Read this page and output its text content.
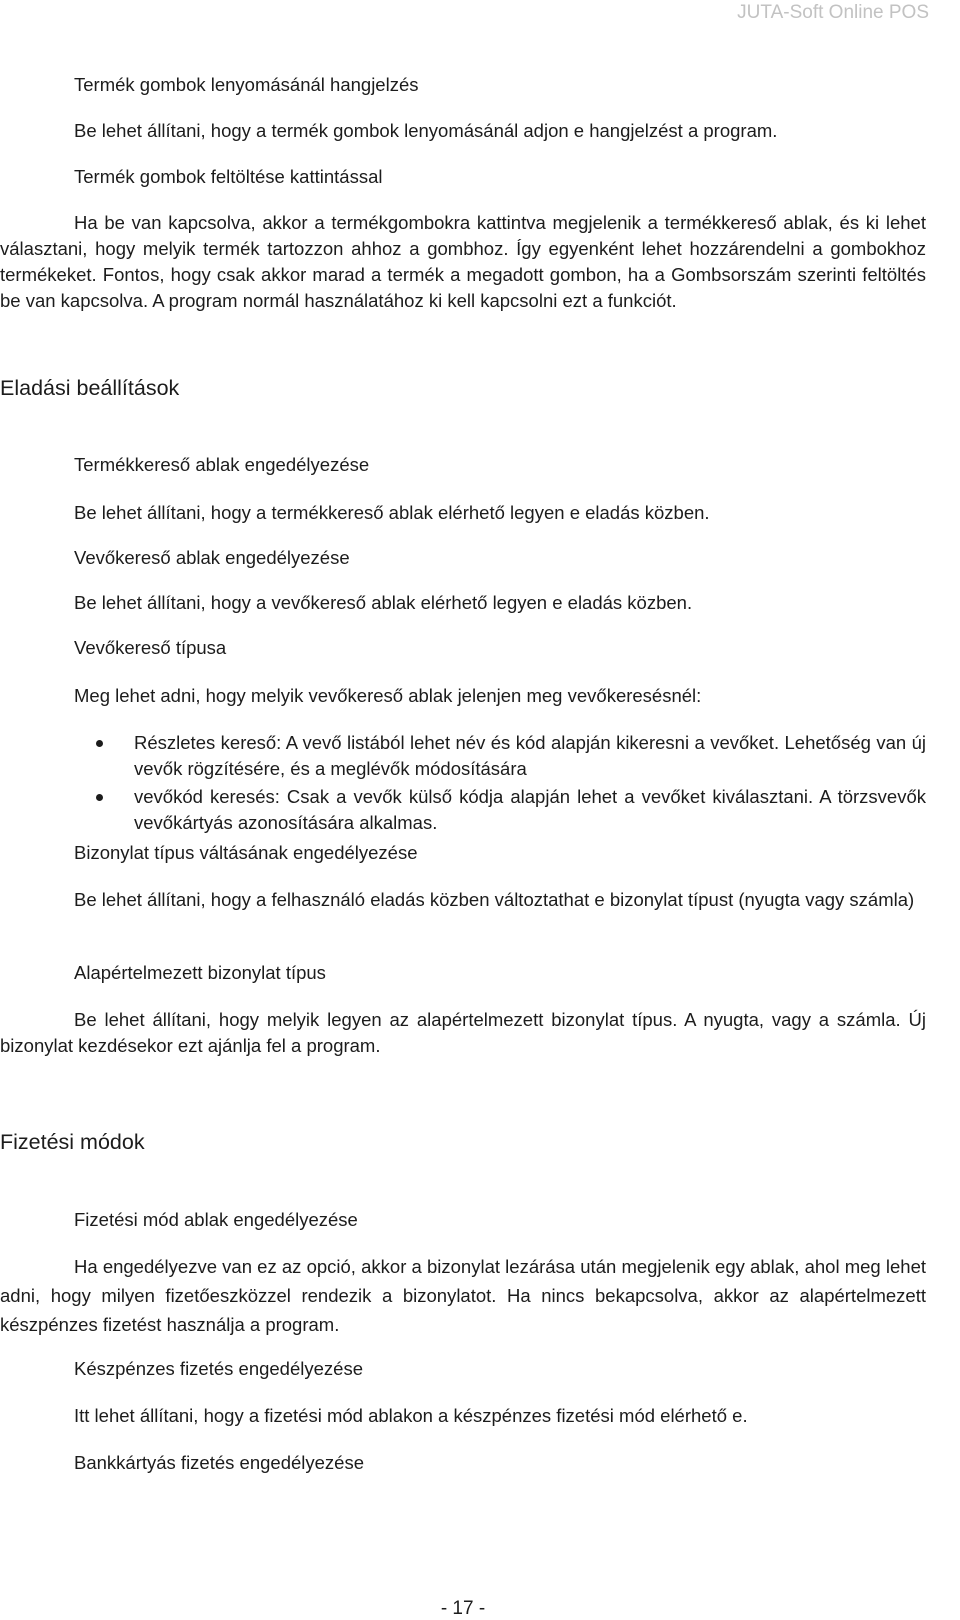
JUTA-Soft Online POS
Termék gombok lenyomásánál hangjelzés
Be lehet állítani, hogy a termék gombok lenyomásánál adjon e hangjelzést a program.
Termék gombok feltöltése kattintással
Ha be van kapcsolva, akkor a termékgombokra kattintva megjelenik a termékkereső ablak, és ki lehet választani, hogy melyik termék tartozzon ahhoz a gombhoz. Így egyenként lehet hozzárendelni a gombokhoz termékeket. Fontos, hogy csak akkor marad a termék a megadott gombon, ha a Gombsorszám szerinti feltöltés be van kapcsolva. A program normál használatához ki kell kapcsolni ezt a funkciót.
Eladási beállítások
Termékkereső ablak engedélyezése
Be lehet állítani, hogy a termékkereső ablak elérhető legyen e eladás közben.
Vevőkereső ablak engedélyezése
Be lehet állítani, hogy a vevőkereső ablak elérhető legyen e eladás közben.
Vevőkereső típusa
Meg lehet adni, hogy melyik vevőkereső ablak jelenjen meg vevőkeresésnél:
Részletes kereső: A vevő listából lehet név és kód alapján kikeresni a vevőket. Lehetőség van új vevők rögzítésére, és a meglévők módosítására
vevőkód keresés: Csak a vevők külső kódja alapján lehet a vevőket kiválasztani. A törzsvevők vevőkártyás azonosítására alkalmas.
Bizonylat típus váltásának engedélyezése
Be lehet állítani, hogy a felhasználó eladás közben változtathat e bizonylat típust (nyugta vagy számla)
Alapértelmezett bizonylat típus
Be lehet állítani, hogy melyik legyen az alapértelmezett bizonylat típus. A nyugta, vagy a számla. Új bizonylat kezdésekor ezt ajánlja fel a program.
Fizetési módok
Fizetési mód ablak engedélyezése
Ha engedélyezve van ez az opció, akkor a bizonylat lezárása után megjelenik egy ablak, ahol meg lehet adni, hogy milyen fizetőeszközzel rendezik a bizonylatot. Ha nincs bekapcsolva, akkor az alapértelmezett készpénzes fizetést használja a program.
Készpénzes fizetés engedélyezése
Itt lehet állítani, hogy a fizetési mód ablakon a készpénzes fizetési mód elérhető e.
Bankkártyás fizetés engedélyezése
- 17 -
